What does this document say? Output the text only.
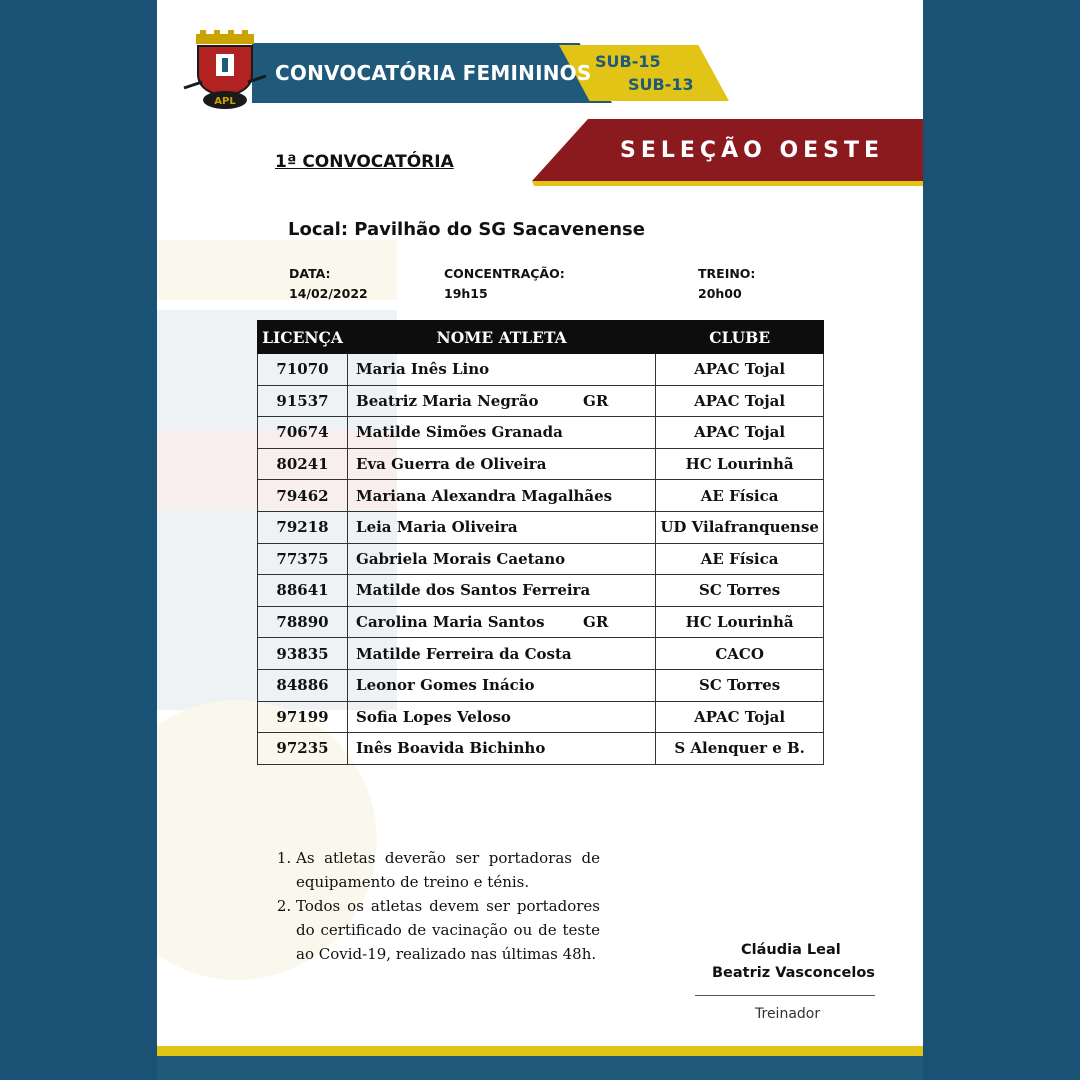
CONVOCATÓRIA FEMININOS SUB-15
SUB-13
APL
SELEÇÃO OESTE
1ª CONVOCATÓRIA
Local: Pavilhão do SG Sacavenense
DATA:
14/02/2022
CONCENTRAÇÃO:
19h15
TREINO:
20h00
LICENÇA	NOME ATLETA	CLUBE
71070	Maria Inês Lino	APAC Tojal
91537	Beatriz Maria Negrão GR	APAC Tojal
70674	Matilde Simões Granada	APAC Tojal
80241	Eva Guerra de Oliveira	HC Lourinhã
79462	Mariana Alexandra Magalhães	AE Física
79218	Leia Maria Oliveira	UD Vilafranquense
77375	Gabriela Morais Caetano	AE Física
88641	Matilde dos Santos Ferreira	SC Torres
78890	Carolina Maria Santos GR	HC Lourinhã
93835	Matilde Ferreira da Costa	CACO
84886	Leonor Gomes Inácio	SC Torres
97199	Sofia Lopes Veloso	APAC Tojal
97235	Inês Boavida Bichinho	S Alenquer e B.
1. As atletas deverão ser portadoras de equipamento de treino e ténis.
2. Todos os atletas devem ser portadores do certificado de vacinação ou de teste ao Covid-19, realizado nas últimas 48h.	Cláudia Leal
Beatriz Vasconcelos
Treinador
